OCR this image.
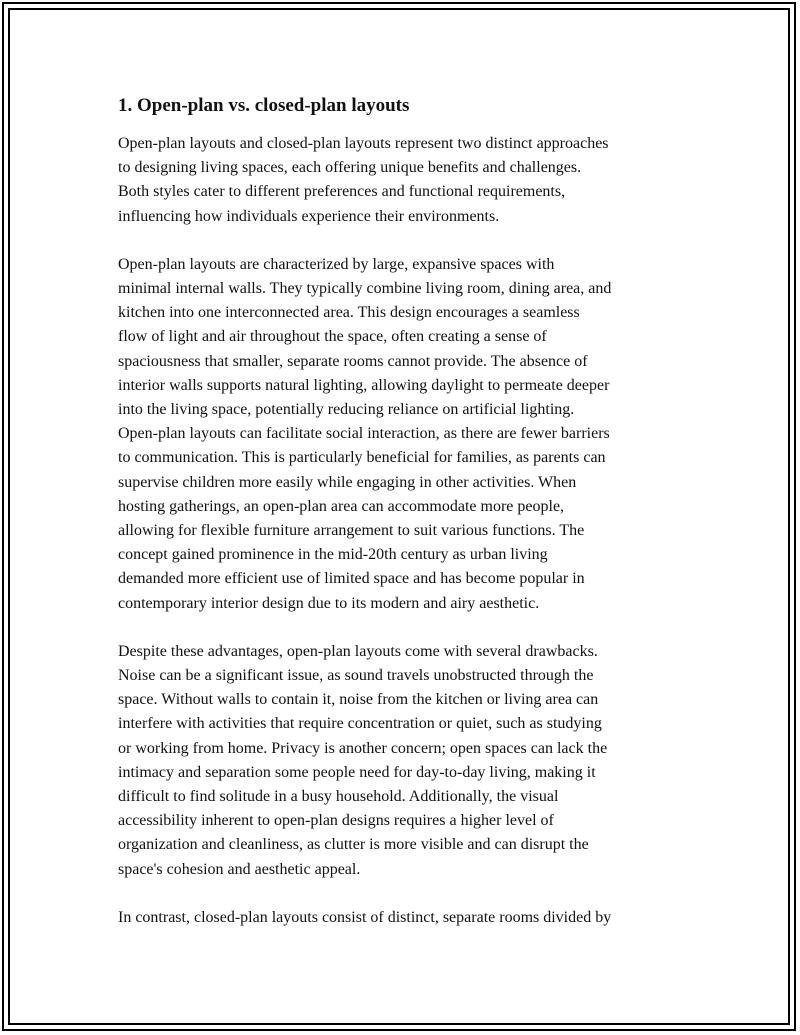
1. Open-plan vs. closed-plan layouts

Open-plan layouts and closed-plan layouts represent two distinct approaches
to designing living spaces, each offering unique benefits and challenges.
Both styles cater to different preferences and functional requirements,
influencing how individuals experience their environments.

Open-plan layouts are characterized by large, expansive spaces with
minimal internal walls. They typically combine living room, dining area, and
kitchen into one interconnected area. This design encourages a seamless
flow of light and air throughout the space, often creating a sense of
spaciousness that smaller, separate rooms cannot provide. The absence of
interior walls supports natural lighting, allowing daylight to permeate deeper
into the living space, potentially reducing reliance on artificial lighting.
Open-plan layouts can facilitate social interaction, as there are fewer barriers
to communication. This is particularly beneficial for families, as parents can
supervise children more easily while engaging in other activities. When
hosting gatherings, an open-plan area can accommodate more people,
allowing for flexible furniture arrangement to suit various functions. The
concept gained prominence in the mid-20th century as urban living
demanded more efficient use of limited space and has become popular in
contemporary interior design due to its modern and airy aesthetic.

Despite these advantages, open-plan layouts come with several drawbacks.
Noise can be a significant issue, as sound travels unobstructed through the
space. Without walls to contain it, noise from the kitchen or living area can
interfere with activities that require concentration or quiet, such as studying
or working from home. Privacy is another concern; open spaces can lack the
intimacy and separation some people need for day-to-day living, making it
difficult to find solitude in a busy household. Additionally, the visual
accessibility inherent to open-plan designs requires a higher level of
organization and cleanliness, as clutter is more visible and can disrupt the
space's cohesion and aesthetic appeal.

In contrast, closed-plan layouts consist of distinct, separate rooms divided by
